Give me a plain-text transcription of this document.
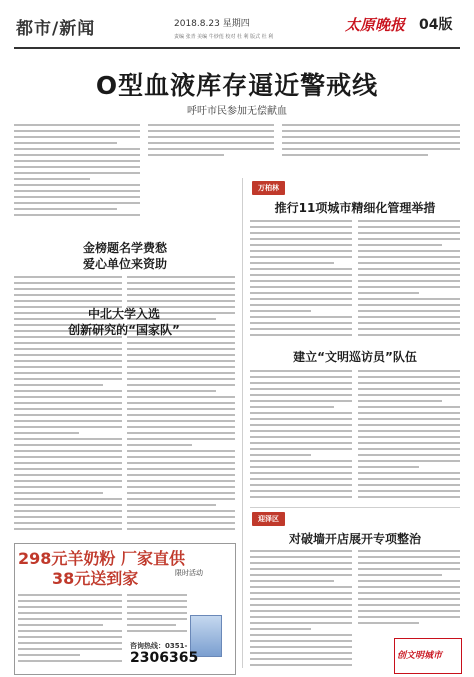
都市/新闻	2018.8.23 星期四
责编 张青 美编 牛炒莲 校对 杜 利 版式 杜 利
太原晚报 04版
O型血液库存逼近警戒线
呼吁市民参加无偿献血
金榜题名学费愁
爱心单位来资助
中北大学入选
创新研究的“国家队”
万柏林
推行11项城市精细化管理举措
建立“文明巡访员”队伍
迎泽区
对破墙开店展开专项整治
298元羊奶粉 厂家直供
38元送到家	限时活动
咨询热线：0351-
2306365	创文明城市
